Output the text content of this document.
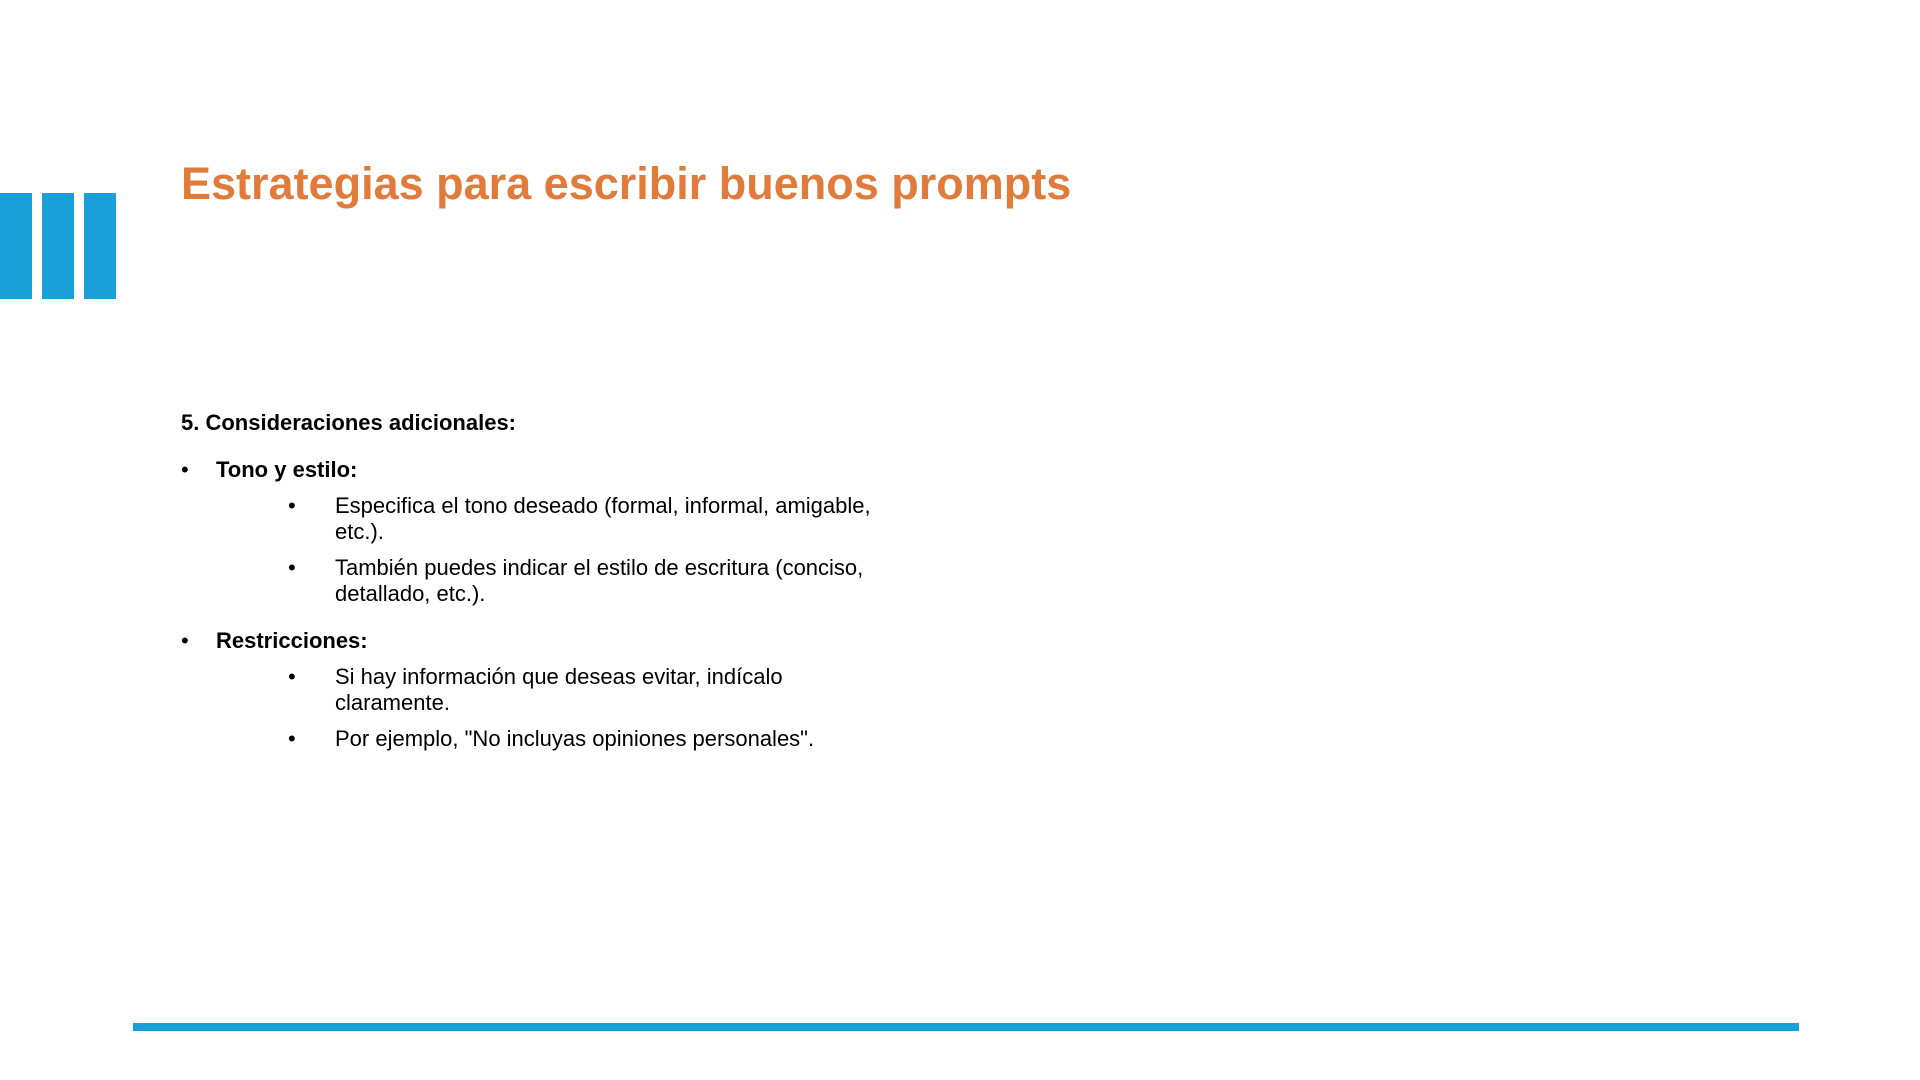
Estrategias para escribir buenos prompts

5. Consideraciones adicionales:

• Tono y estilo:
• Especifica el tono deseado (formal, informal, amigable, etc.).
• También puedes indicar el estilo de escritura (conciso, detallado, etc.).
• Restricciones:
• Si hay información que deseas evitar, indícalo claramente.
• Por ejemplo, "No incluyas opiniones personales".
